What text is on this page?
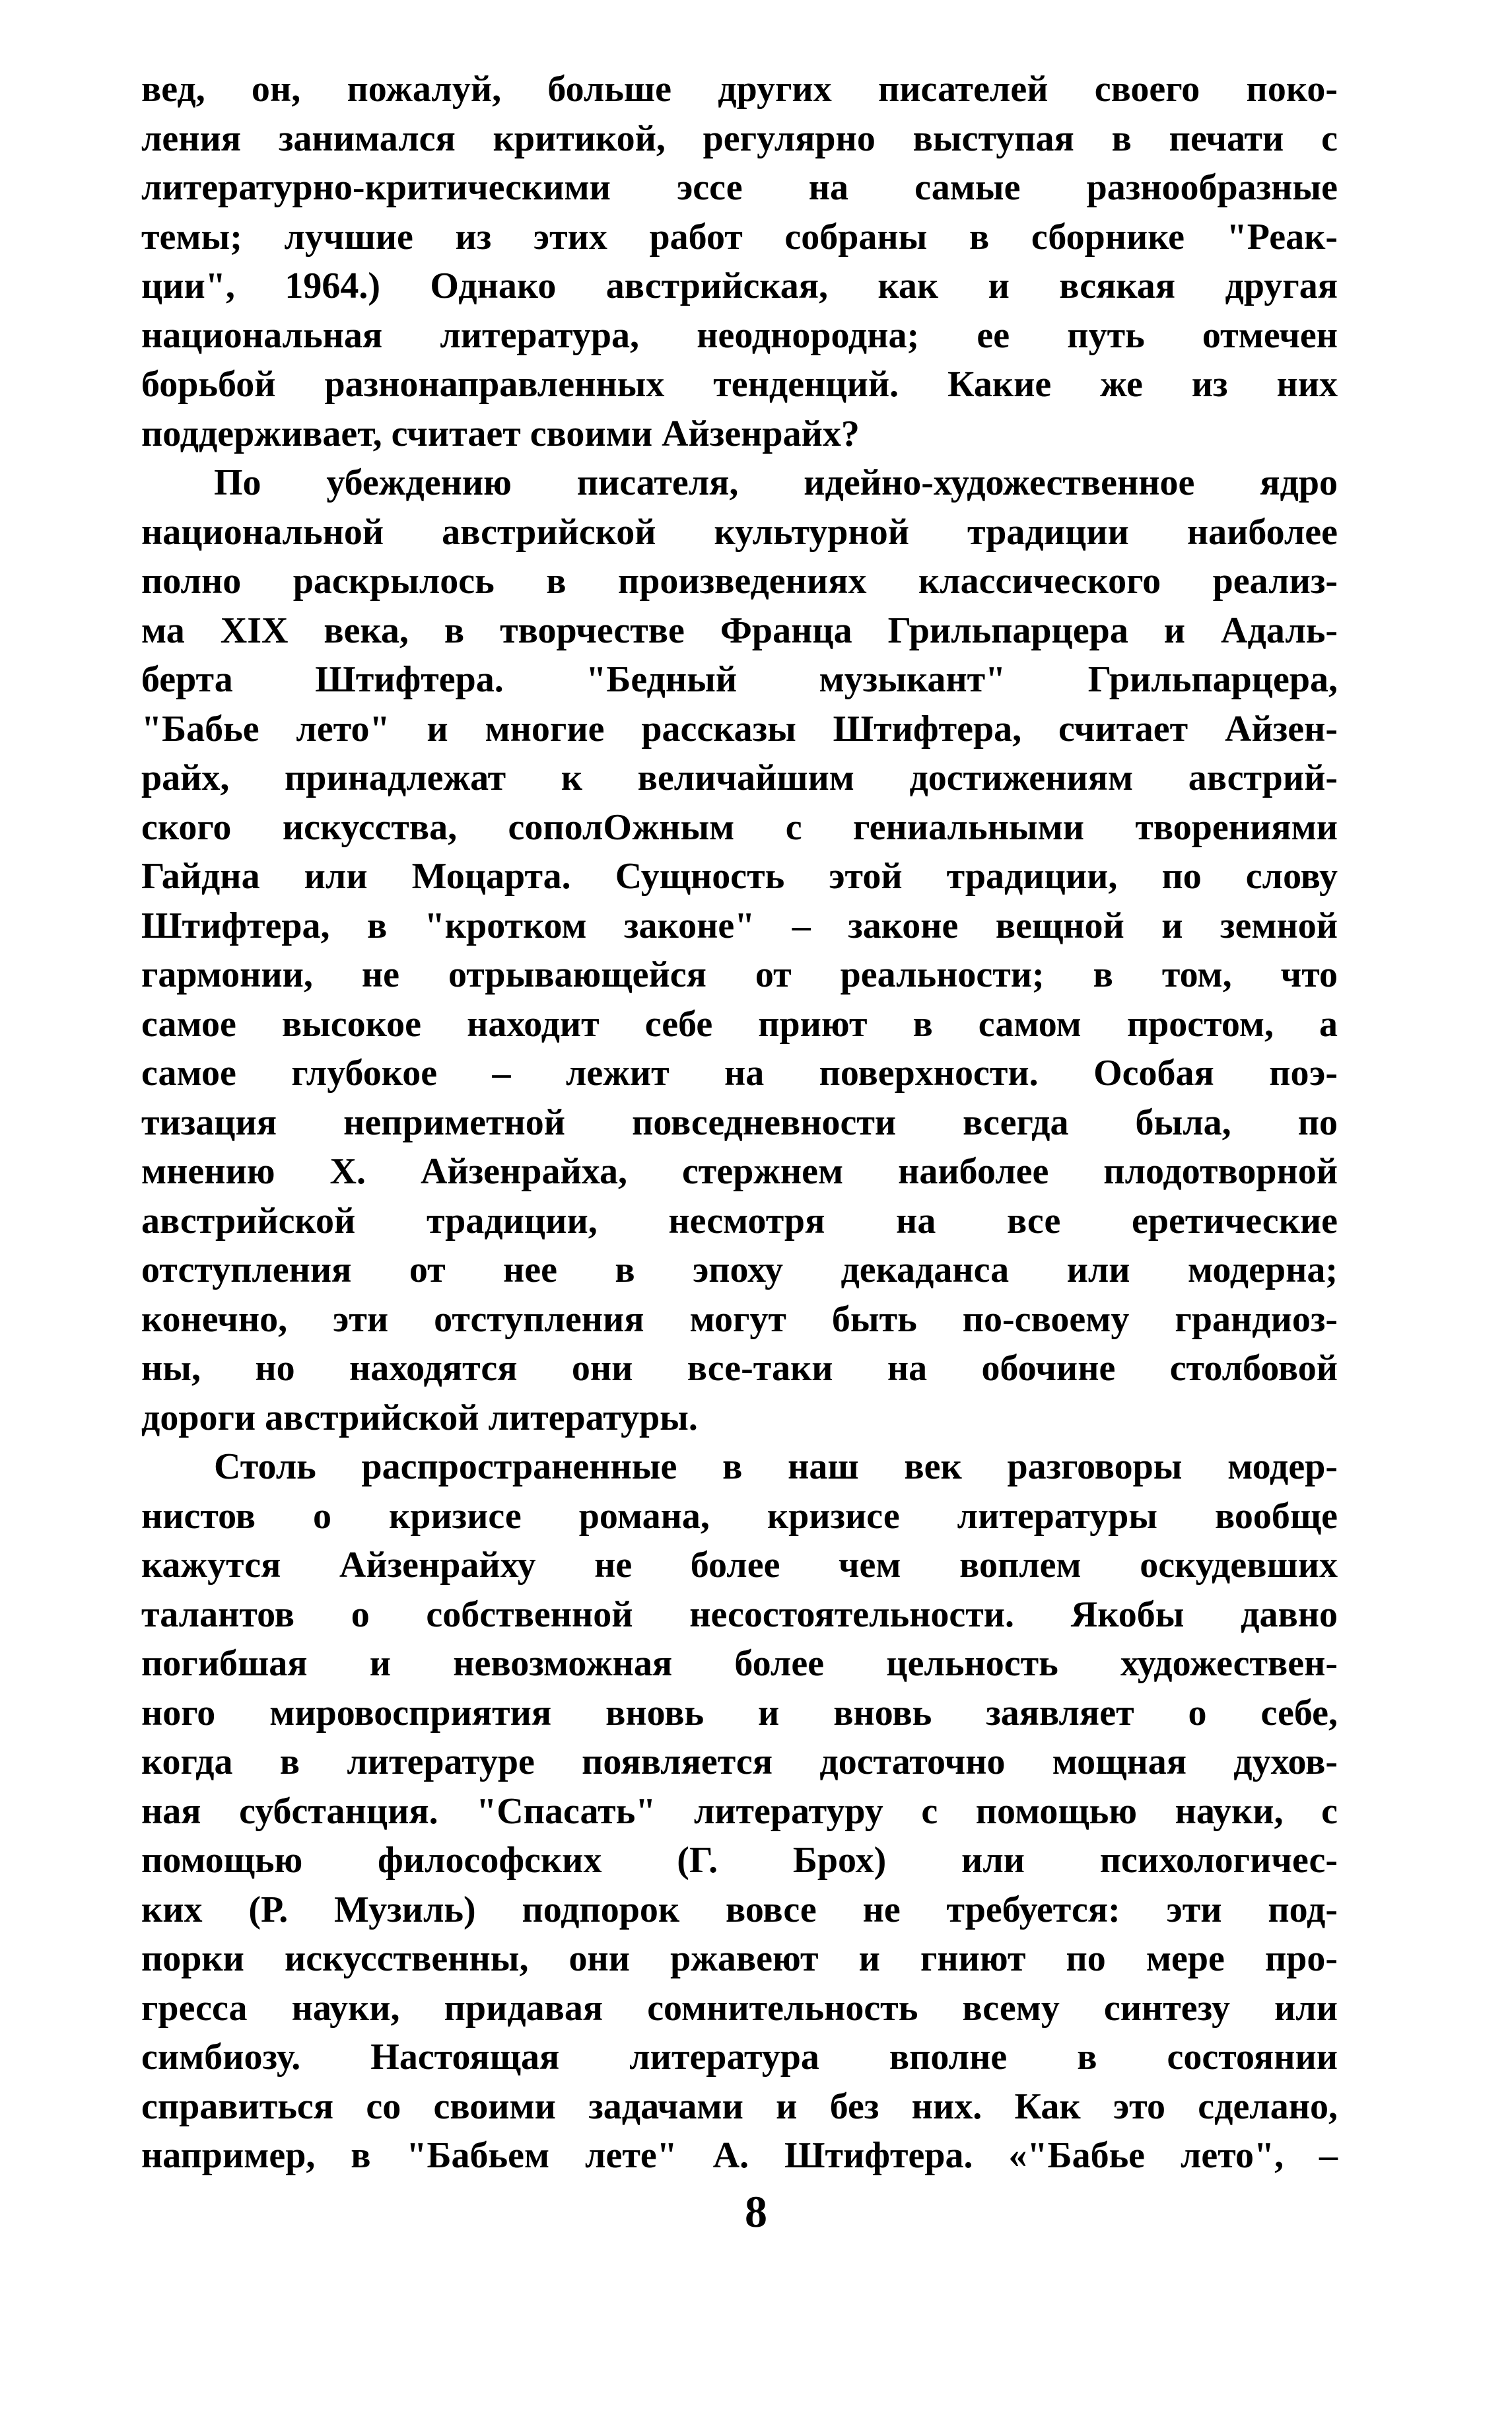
вед, он, пожалуй, больше других писателей своего поко-
ления занимался критикой, регулярно выступая в печати с
литературно-критическими эссе на самые разнообразные
темы; лучшие из этих работ собраны в сборнике "Реак-
ции", 1964.) Однако австрийская, как и всякая другая
национальная литература, неоднородна; ее путь отмечен
борьбой разнонаправленных тенденций. Какие же из них
поддерживает, считает своими Айзенрайх?
По убеждению писателя, идейно-художественное ядро
национальной австрийской культурной традиции наиболее
полно раскрылось в произведениях классического реализ-
ма XIX века, в творчестве Франца Грильпарцера и Адаль-
берта Штифтера. "Бедный музыкант" Грильпарцера,
"Бабье лето" и многие рассказы Штифтера, считает Айзен-
райх, принадлежат к величайшим достижениям австрий-
ского искусства, сополОжным с гениальными творениями
Гайдна или Моцарта. Сущность этой традиции, по слову
Штифтера, в "кротком законе" – законе вещной и земной
гармонии, не отрывающейся от реальности; в том, что
самое высокое находит себе приют в самом простом, а
самое глубокое – лежит на поверхности. Особая поэ-
тизация неприметной повседневности всегда была, по
мнению Х. Айзенрайха, стержнем наиболее плодотворной
австрийской традиции, несмотря на все еретические
отступления от нее в эпоху декаданса или модерна;
конечно, эти отступления могут быть по-своему грандиоз-
ны, но находятся они все-таки на обочине столбовой
дороги австрийской литературы.
Столь распространенные в наш век разговоры модер-
нистов о кризисе романа, кризисе литературы вообще
кажутся Айзенрайху не более чем воплем оскудевших
талантов о собственной несостоятельности. Якобы давно
погибшая и невозможная более цельность художествен-
ного мировосприятия вновь и вновь заявляет о себе,
когда в литературе появляется достаточно мощная духов-
ная субстанция. "Спасать" литературу с помощью науки, с
помощью философских (Г. Брох) или психологичес-
ких (Р. Музиль) подпорок вовсе не требуется: эти под-
порки искусственны, они ржавеют и гниют по мере про-
гресса науки, придавая сомнительность всему синтезу или
симбиозу. Настоящая литература вполне в состоянии
справиться со своими задачами и без них. Как это сделано,
например, в "Бабьем лете" А. Штифтера. «"Бабье лето", –
8
